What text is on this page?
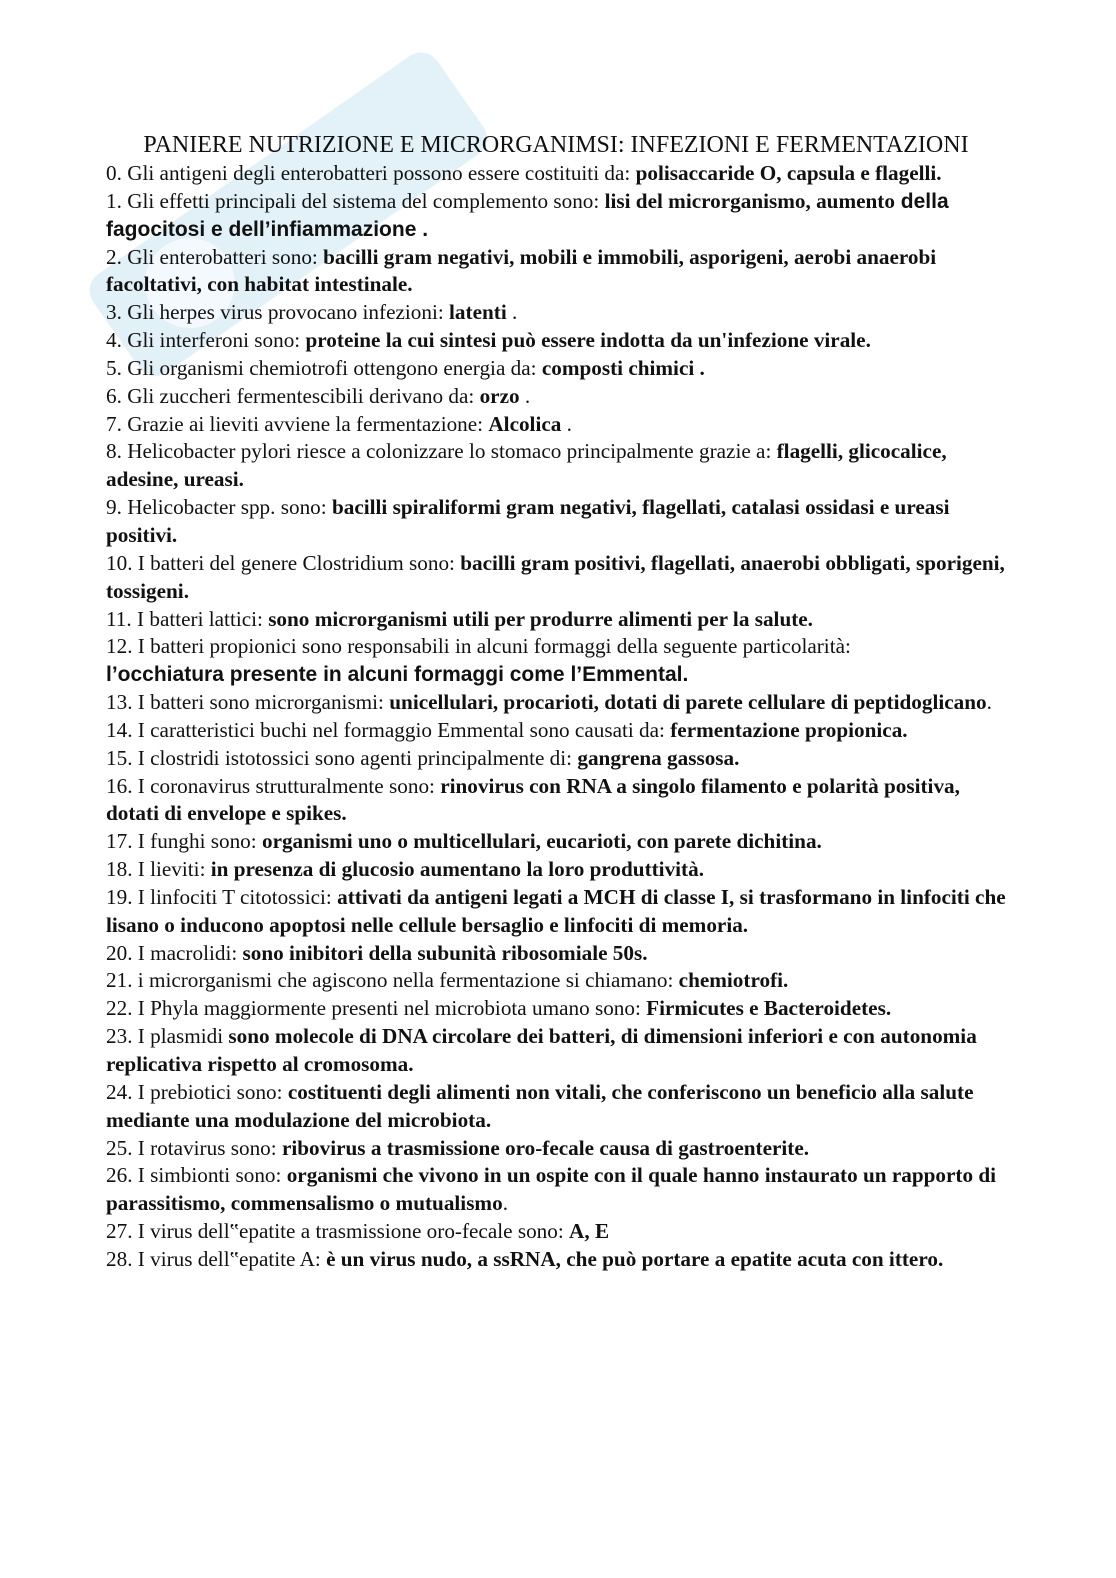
PANIERE NUTRIZIONE E MICRORGANIMSI: INFEZIONI E FERMENTAZIONI

0. Gli antigeni degli enterobatteri possono essere costituiti da: polisaccaride O, capsula e flagelli.

1. Gli effetti principali del sistema del complemento sono: lisi del microrganismo, aumento della fagocitosi e dell’infiammazione .

2. Gli enterobatteri sono: bacilli gram negativi, mobili e immobili, asporigeni, aerobi anaerobi facoltativi, con habitat intestinale.

3. Gli herpes virus provocano infezioni: latenti .

4. Gli interferoni sono: proteine la cui sintesi può essere indotta da un'infezione virale.

5. Gli organismi chemiotrofi ottengono energia da: composti chimici .

6. Gli zuccheri fermentescibili derivano da: orzo .

7. Grazie ai lieviti avviene la fermentazione: Alcolica .

8. Helicobacter pylori riesce a colonizzare lo stomaco principalmente grazie a: flagelli, glicocalice, adesine, ureasi.

9. Helicobacter spp. sono: bacilli spiraliformi gram negativi, flagellati, catalasi ossidasi e ureasi positivi.

10. I batteri del genere Clostridium sono: bacilli gram positivi, flagellati, anaerobi obbligati, sporigeni, tossigeni.

11. I batteri lattici: sono microrganismi utili per produrre alimenti per la salute.

12. I batteri propionici sono responsabili in alcuni formaggi della seguente particolarità:
l’occhiatura presente in alcuni formaggi come l’Emmental.

13. I batteri sono microrganismi: unicellulari, procarioti, dotati di parete cellulare di peptidoglicano.

14. I caratteristici buchi nel formaggio Emmental sono causati da: fermentazione propionica.

15. I clostridi istotossici sono agenti principalmente di: gangrena gassosa.

16. I coronavirus strutturalmente sono: rinovirus con RNA a singolo filamento e polarità positiva, dotati di envelope e spikes.

17. I funghi sono: organismi uno o multicellulari, eucarioti, con parete dichitina.

18. I lieviti: in presenza di glucosio aumentano la loro produttività.

19. I linfociti T citotossici: attivati da antigeni legati a MCH di classe I, si trasformano in linfociti che lisano o inducono apoptosi nelle cellule bersaglio e linfociti di memoria.

20. I macrolidi: sono inibitori della subunità ribosomiale 50s.

21. i microrganismi che agiscono nella fermentazione si chiamano: chemiotrofi.

22. I Phyla maggiormente presenti nel microbiota umano sono: Firmicutes e Bacteroidetes.

23. I plasmidi sono molecole di DNA circolare dei batteri, di dimensioni inferiori e con autonomia replicativa rispetto al cromosoma.

24. I prebiotici sono: costituenti degli alimenti non vitali, che conferiscono un beneficio alla salute mediante una modulazione del microbiota.

25. I rotavirus sono: ribovirus a trasmissione oro-fecale causa di gastroenterite.

26. I simbionti sono: organismi che vivono in un ospite con il quale hanno instaurato un rapporto di parassitismo, commensalismo o mutualismo.

27. I virus dell‟epatite a trasmissione oro-fecale sono: A, E

28. I virus dell‟epatite A: è un virus nudo, a ssRNA, che può portare a epatite acuta con ittero.
